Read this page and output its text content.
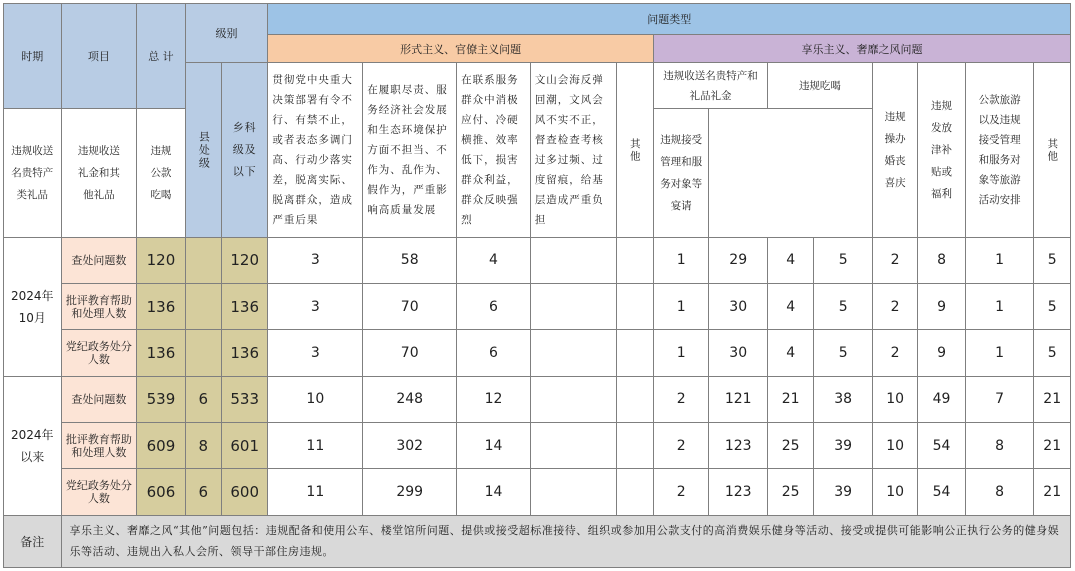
时期	项目	总 计	级别		问题类型												
					形式主义、官僚主义问题					享乐主义、奢靡之风问题							

			县处级	乡科级及以下	贯彻党中央重大决策部署有令不行、有禁不止，或者表态多调门高、行动少落实差，脱离实际、脱离群众，造成严重后果	在履职尽责、服务经济社会发展和生态环境保护方面不担当、不作为、乱作为、假作为，严重影响高质量发展	在联系服务群众中消极应付、冷硬横推、效率低下，损害群众利益，群众反映强烈	文山会海反弹回潮，文风会风不实不正，督查检查考核过多过频、过度留痕，给基层造成严重负担	其他	违规收送名贵特产和礼品礼金		违规吃喝		违规操办婚丧喜庆	违规发放津补贴或福利	公款旅游以及违规接受管理和服务对象等旅游活动安排	其他

违规收送名贵特产类礼品	违规收送礼金和其他礼品	违规公款吃喝								违规接受管理和服务对象等宴请							

2024年
10月	查处问题数	120		120	3	58	4			1	29	4	5	2	8	1	5
	批评教育帮助和处理人数	136		136	3	70	6			1	30	4	5	2	9	1	5
	党纪政务处分人数	136		136	3	70	6			1	30	4	5	2	9	1	5

2024年
以来	查处问题数	539	6	533	10	248	12			2	121	21	38	10	49	7	21
	批评教育帮助和处理人数	609	8	601	11	302	14			2	123	25	39	10	54	8	21
	党纪政务处分人数	606	6	600	11	299	14			2	123	25	39	10	54	8	21
备注	享乐主义、奢靡之风“其他”问题包括：违规配备和使用公车、楼堂馆所问题、提供或接受超标准接待、组织或参加用公款支付的高消费娱乐健身等活动、接受或提供可能影响公正执行公务的健身娱乐等活动、违规出入私人会所、领导干部住房违规。																
